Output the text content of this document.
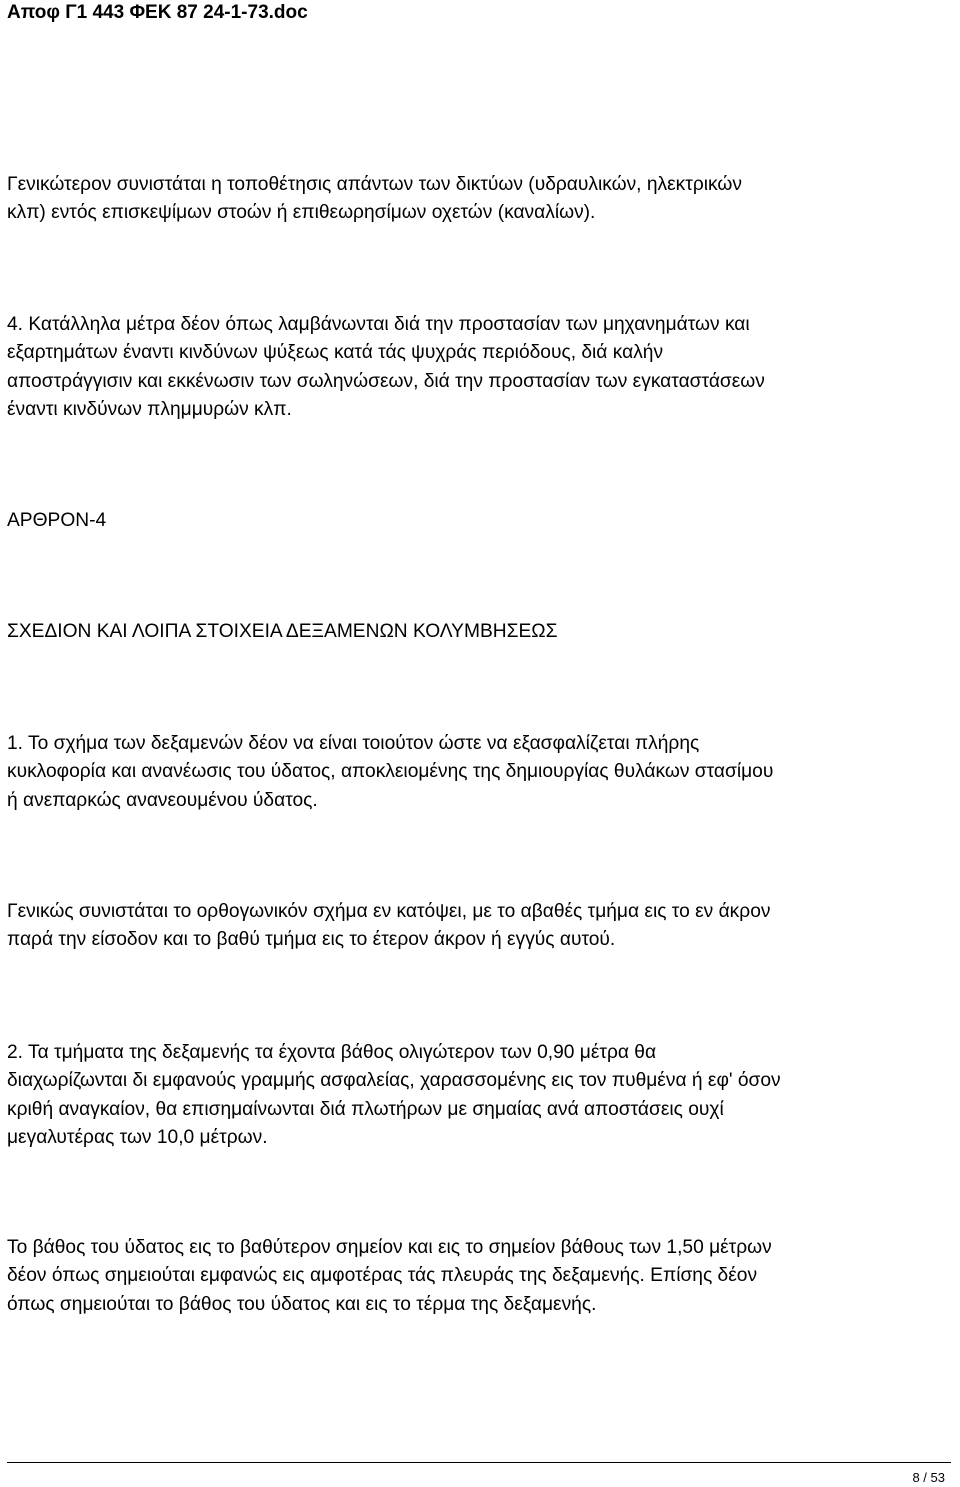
Αποφ Γ1 443 ΦΕΚ 87 24-1-73.doc
Γενικώτερον συνιστάται η τοποθέτησις απάντων των δικτύων (υδραυλικών, ηλεκτρικών
κλπ) εντός επισκεψίμων στοών ή επιθεωρησίμων οχετών (καναλίων).
4. Κατάλληλα μέτρα δέον όπως λαμβάνωνται διά την προστασίαν των μηχανημάτων και
εξαρτημάτων έναντι κινδύνων ψύξεως κατά τάς ψυχράς περιόδους, διά καλήν
αποστράγγισιν και εκκένωσιν των σωληνώσεων, διά την προστασίαν των εγκαταστάσεων
έναντι κινδύνων πλημμυρών κλπ.
ΑΡΘΡΟΝ-4
ΣΧΕΔΙΟΝ ΚΑΙ ΛΟΙΠΑ ΣΤΟΙΧΕΙΑ ΔΕΞΑΜΕΝΩΝ ΚΟΛΥΜΒΗΣΕΩΣ
1. Το σχήμα των δεξαμενών δέον να είναι τοιούτον ώστε να εξασφαλίζεται πλήρης
κυκλοφορία και ανανέωσις του ύδατος, αποκλειομένης της δημιουργίας θυλάκων στασίμου
ή ανεπαρκώς ανανεουμένου ύδατος.
Γενικώς συνιστάται το ορθογωνικόν σχήμα εν κατόψει, με το αβαθές τμήμα εις το εν άκρον
παρά την είσοδον και το βαθύ τμήμα εις το έτερον άκρον ή εγγύς αυτού.
2. Τα τμήματα της δεξαμενής τα έχοντα βάθος ολιγώτερον των 0,90 μέτρα θα
διαχωρίζωνται δι εμφανούς γραμμής ασφαλείας, χαρασσομένης εις τον πυθμένα ή εφ' όσον
κριθή αναγκαίον, θα επισημαίνωνται διά πλωτήρων με σημαίας ανά αποστάσεις ουχί
μεγαλυτέρας των 10,0 μέτρων.
Το βάθος του ύδατος εις το βαθύτερον σημείον και εις το σημείον βάθους των 1,50 μέτρων
δέον όπως σημειούται εμφανώς εις αμφοτέρας τάς πλευράς της δεξαμενής. Επίσης δέον
όπως σημειούται το βάθος του ύδατος και εις το τέρμα της δεξαμενής.
8 / 53
